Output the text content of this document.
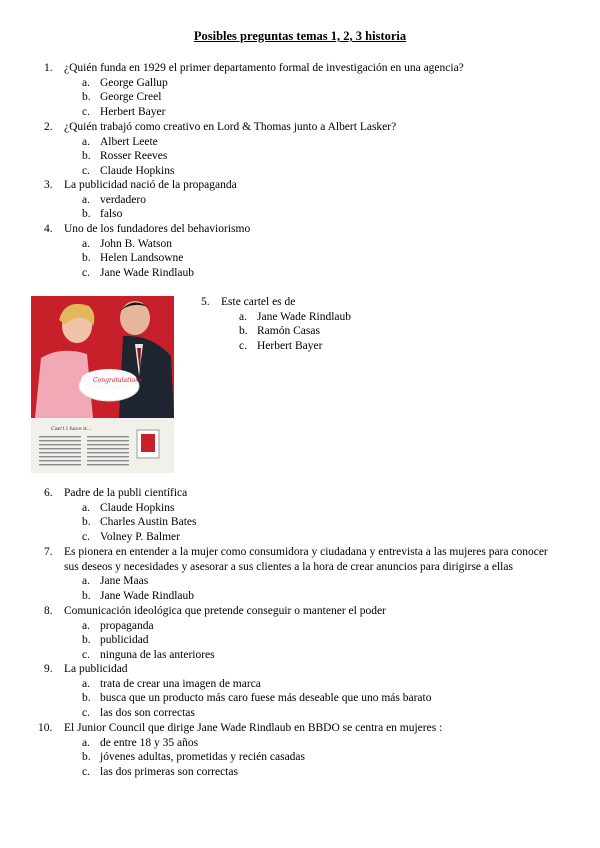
Posibles preguntas temas 1, 2, 3 historia
1. ¿Quién funda en 1929 el primer departamento formal de investigación en una agencia?
a. George Gallup
b. George Creel
c. Herbert Bayer
2. ¿Quién trabajó como creativo en Lord & Thomas junto a Albert Lasker?
a. Albert Leete
b. Rosser Reeves
c. Claude Hopkins
3. La publicidad nació de la propaganda
a. verdadero
b. falso
4. Uno de los fundadores del behaviorismo
a. John B. Watson
b. Helen Landsowne
c. Jane Wade Rindlaub
Congratulations
Can't I have it...
5. Este cartel es de
a. Jane Wade Rindlaub
b. Ramón Casas
c. Herbert Bayer
6. Padre de la publi científica
a. Claude Hopkins
b. Charles Austin Bates
c. Volney P. Balmer
7. Es pionera en entender a la mujer como consumidora y ciudadana y entrevista a las mujeres para conocer sus deseos y necesidades y asesorar a sus clientes a la hora de crear anuncios para dirigirse a ellas
a. Jane Maas
b. Jane Wade Rindlaub
8. Comunicación ideológica que pretende conseguir o mantener el poder
a. propaganda
b. publicidad
c. ninguna de las anteriores
9. La publicidad
a. trata de crear una imagen de marca
b. busca que un producto más caro fuese más deseable que uno más barato
c. las dos son correctas
10.	El Junior Council que dirige Jane Wade Rindlaub en BBDO se centra en mujeres :
a. de entre 18 y 35 años
b. jóvenes adultas, prometidas y recién casadas
c. las dos primeras son correctas
